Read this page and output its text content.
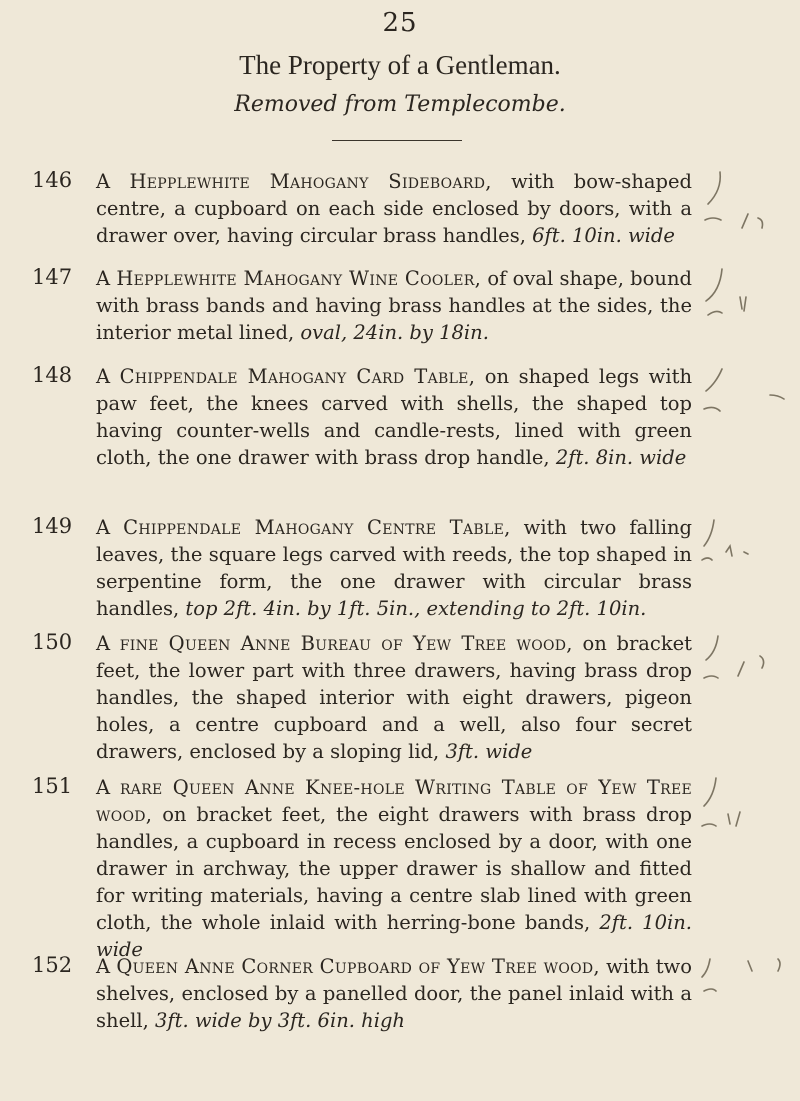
25
The Property of a Gentleman.
Removed from Templecombe.
146 A Hepplewhite Mahogany Sideboard, with bow-shaped centre, a cupboard on each side enclosed by doors, with a drawer over, having circular brass handles, 6ft. 10in. wide
147 A Hepplewhite Mahogany Wine Cooler, of oval shape, bound with brass bands and having brass handles at the sides, the interior metal lined, oval, 24in. by 18in.
148 A Chippendale Mahogany Card Table, on shaped legs with paw feet, the knees carved with shells, the shaped top having counter-wells and candle-rests, lined with green cloth, the one drawer with brass drop handle, 2ft. 8in. wide
149 A Chippendale Mahogany Centre Table, with two falling leaves, the square legs carved with reeds, the top shaped in serpentine form, the one drawer with circular brass handles, top 2ft. 4in. by 1ft. 5in., extending to 2ft. 10in.
150 A fine Queen Anne Bureau of Yew Tree wood, on bracket feet, the lower part with three drawers, having brass drop handles, the shaped interior with eight drawers, pigeon holes, a centre cupboard and a well, also four secret drawers, enclosed by a sloping lid, 3ft. wide
151 A rare Queen Anne Knee-hole Writing Table of Yew Tree wood, on bracket feet, the eight drawers with brass drop handles, a cupboard in recess enclosed by a door, with one drawer in archway, the upper drawer is shallow and fitted for writing materials, having a centre slab lined with green cloth, the whole inlaid with herring-bone bands, 2ft. 10in. wide
152 A Queen Anne Corner Cupboard of Yew Tree wood, with two shelves, enclosed by a panelled door, the panel inlaid with a shell, 3ft. wide by 3ft. 6in. high
